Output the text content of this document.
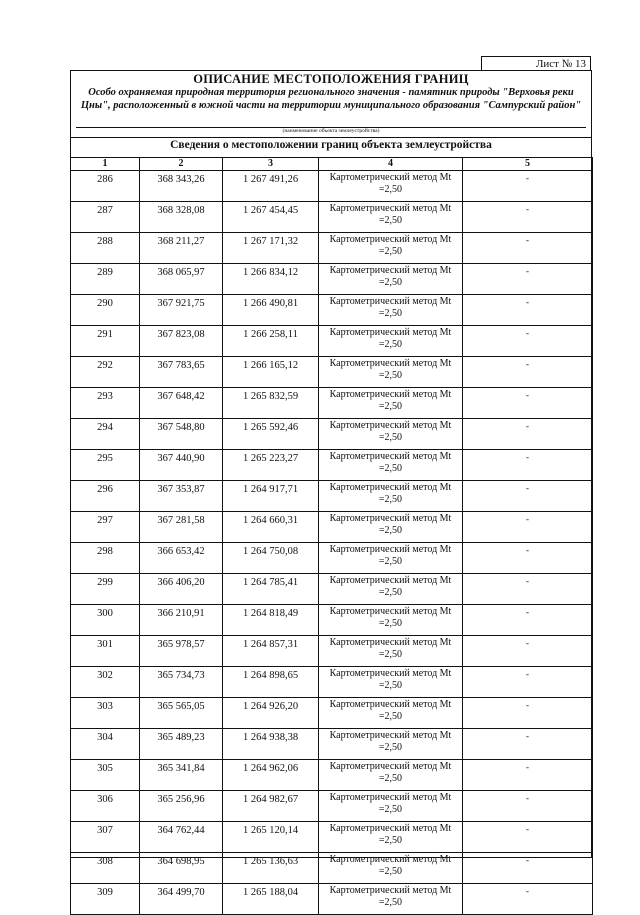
Лист № 13
ОПИСАНИЕ МЕСТОПОЛОЖЕНИЯ ГРАНИЦ
Особо охраняемая природная территория регионального значения - памятник природы "Верховья реки Цны", расположенный в южной части на территории муниципального образования "Сампурский район"
(наименование объекта землеустройства)
Сведения о местоположении границ объекта землеустройства
1	2	3	4	5
286	368 343,26	1 267 491,26	Картометрический метод Mt
=2,50	-
287	368 328,08	1 267 454,45	Картометрический метод Mt
=2,50	-
288	368 211,27	1 267 171,32	Картометрический метод Mt
=2,50	-
289	368 065,97	1 266 834,12	Картометрический метод Mt
=2,50	-
290	367 921,75	1 266 490,81	Картометрический метод Mt
=2,50	-
291	367 823,08	1 266 258,11	Картометрический метод Mt
=2,50	-
292	367 783,65	1 266 165,12	Картометрический метод Mt
=2,50	-
293	367 648,42	1 265 832,59	Картометрический метод Mt
=2,50	-
294	367 548,80	1 265 592,46	Картометрический метод Mt
=2,50	-
295	367 440,90	1 265 223,27	Картометрический метод Mt
=2,50	-
296	367 353,87	1 264 917,71	Картометрический метод Mt
=2,50	-
297	367 281,58	1 264 660,31	Картометрический метод Mt
=2,50	-
298	366 653,42	1 264 750,08	Картометрический метод Mt
=2,50	-
299	366 406,20	1 264 785,41	Картометрический метод Mt
=2,50	-
300	366 210,91	1 264 818,49	Картометрический метод Mt
=2,50	-
301	365 978,57	1 264 857,31	Картометрический метод Mt
=2,50	-
302	365 734,73	1 264 898,65	Картометрический метод Mt
=2,50	-
303	365 565,05	1 264 926,20	Картометрический метод Mt
=2,50	-
304	365 489,23	1 264 938,38	Картометрический метод Mt
=2,50	-
305	365 341,84	1 264 962,06	Картометрический метод Mt
=2,50	-
306	365 256,96	1 264 982,67	Картометрический метод Mt
=2,50	-
307	364 762,44	1 265 120,14	Картометрический метод Mt
=2,50	-
308	364 698,95	1 265 136,63	Картометрический метод Mt
=2,50	-
309	364 499,70	1 265 188,04	Картометрический метод Mt
=2,50	-
